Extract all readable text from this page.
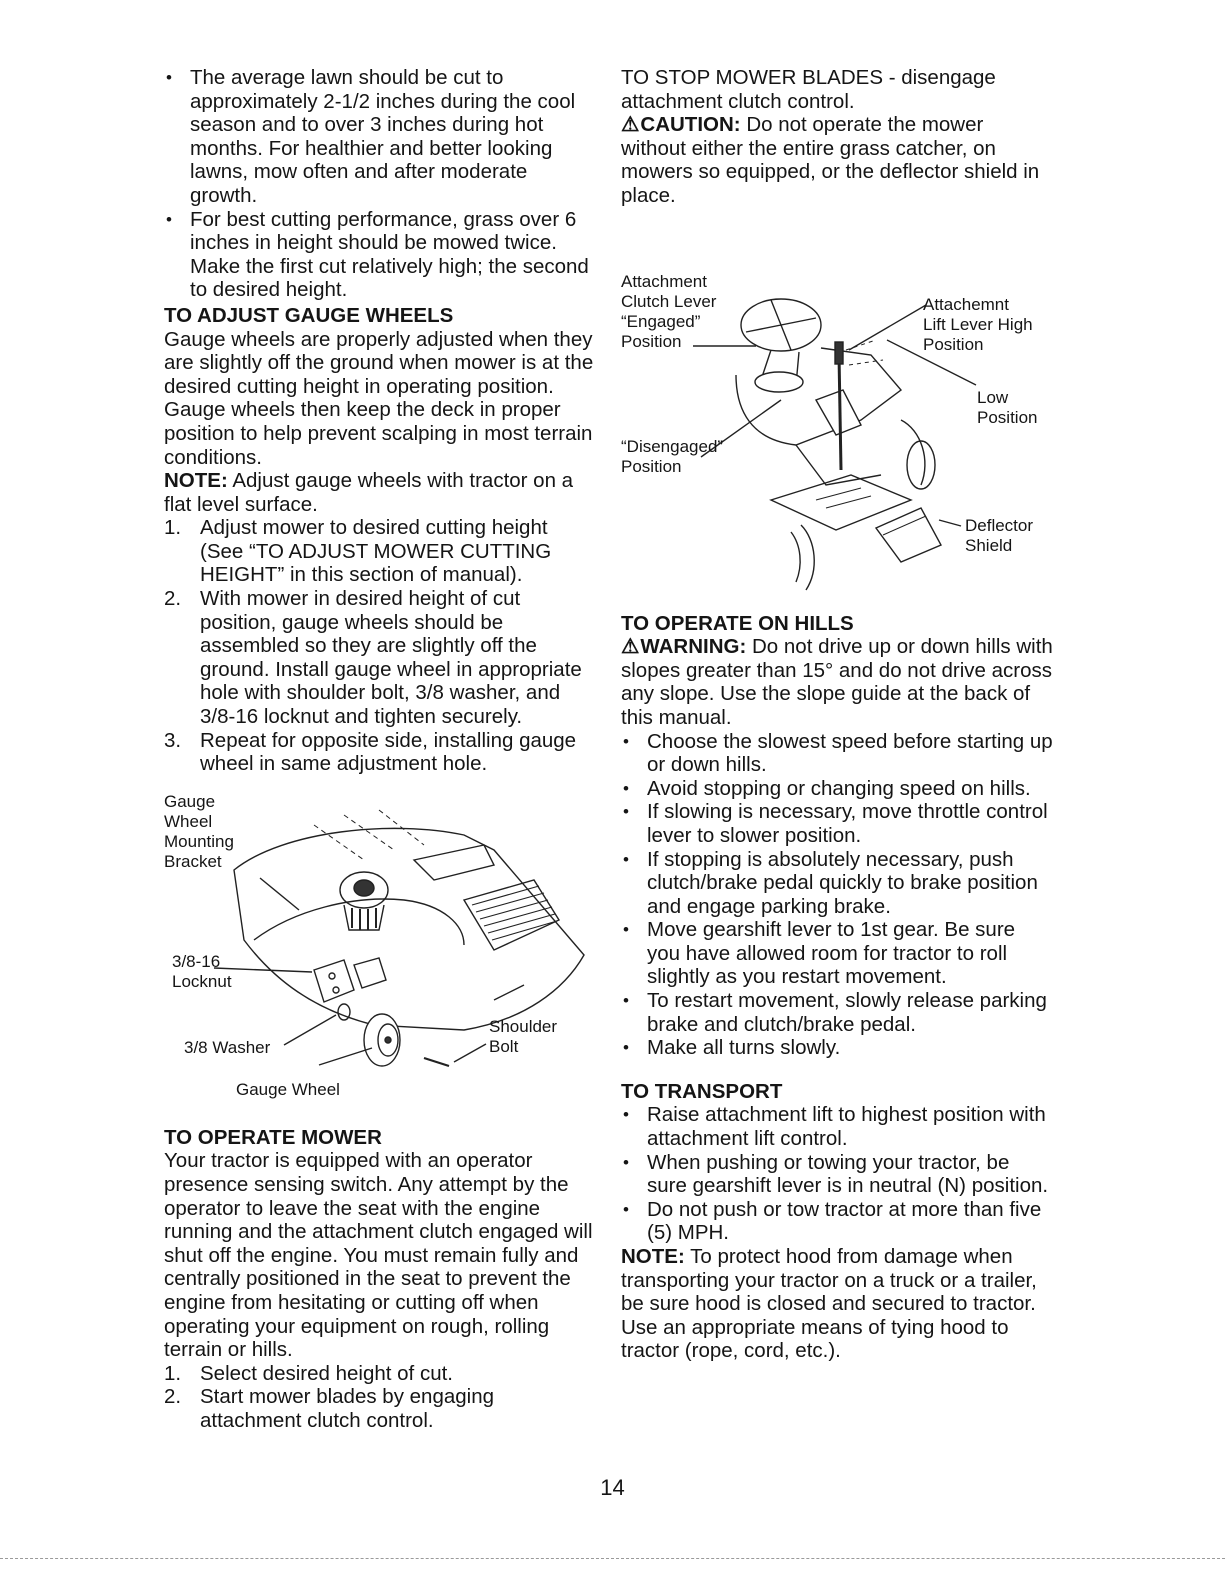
• The average lawn should be cut to approximately 2-1/2 inches during the cool season and to over 3 inches during hot months. For healthier and better looking lawns, mow often and after moderate growth.
• For best cutting performance, grass over 6 inches in height should be mowed twice. Make the first cut relatively high; the second to desired height.
TO ADJUST GAUGE WHEELS

Gauge wheels are properly adjusted when they are slightly off the ground when mower is at the desired cutting height in operating position. Gauge wheels then keep the deck in proper position to help prevent scalping in most terrain conditions.

NOTE: Adjust gauge wheels with tractor on a flat level surface.

1. Adjust mower to desired cutting height (See “TO ADJUST MOWER CUTTING HEIGHT” in this section of manual).
2. With mower in desired height of cut position, gauge wheels should be assembled so they are slightly off the ground. Install gauge wheel in appropriate hole with shoulder bolt, 3/8 washer, and 3/8-16 locknut and tighten securely.
3. Repeat for opposite side, installing gauge wheel in same adjustment hole.
Gauge
Wheel
Mounting
Bracket
3/8-16
Locknut
3/8 Washer
Gauge Wheel
Shoulder
Bolt
TO OPERATE MOWER

Your tractor is equipped with an operator presence sensing switch. Any attempt by the operator to leave the seat with the engine running and the attachment clutch engaged will shut off the engine. You must remain fully and centrally positioned in the seat to prevent the engine from hesitating or cutting off when operating your equipment on rough, rolling terrain or hills.

1. Select desired height of cut.
2. Start mower blades by engaging attachment clutch control.

TO STOP MOWER BLADES - disengage attachment clutch control.

⚠CAUTION: Do not operate the mower without either the entire grass catcher, on mowers so equipped, or the deflector shield in place.

Attachment
Clutch Lever
“Engaged”
Position
Attachemnt
Lift Lever High
Position
Low
Position
“Disengaged”
Position
Deflector
Shield
TO OPERATE ON HILLS

⚠WARNING: Do not drive up or down hills with slopes greater than 15° and do not drive across any slope. Use the slope guide at the back of this manual.

• Choose the slowest speed before starting up or down hills.
• Avoid stopping or changing speed on hills.
• If slowing is necessary, move throttle control lever to slower position.
• If stopping is absolutely necessary, push clutch/brake pedal quickly to brake position and engage parking brake.
• Move gearshift lever to 1st gear. Be sure you have allowed room for tractor to roll slightly as you restart movement.
• To restart movement, slowly release parking brake and clutch/brake pedal.
• Make all turns slowly.
TO TRANSPORT
• Raise attachment lift to highest position with attachment lift control.
• When pushing or towing your tractor, be sure gearshift lever is in neutral (N) position.
• Do not push or tow tractor at more than five (5) MPH.

NOTE: To protect hood from damage when transporting your tractor on a truck or a trailer, be sure hood is closed and secured to tractor. Use an appropriate means of tying hood to tractor (rope, cord, etc.).

14
